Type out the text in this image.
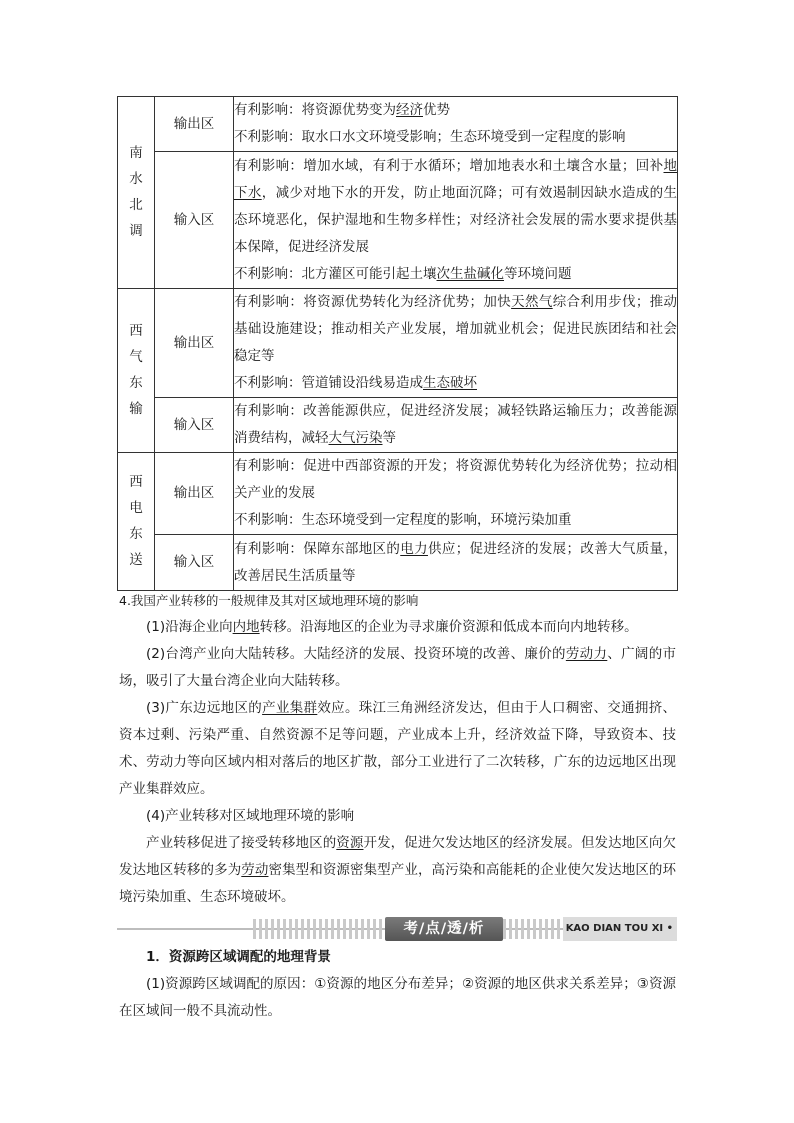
南水北调	输出区	有利影响：将资源优势变为经济优势

不利影响：取水口水文环境受影响；生态环境受到一定程度的影响

	输入区	有利影响：增加水域，有利于水循环；增加地表水和土壤含水量；回补地下水，减少对地下水的开发，防止地面沉降；可有效遏制因缺水造成的生态环境恶化，保护湿地和生物多样性；对经济社会发展的需水要求提供基本保障，促进经济发展

不利影响：北方灌区可能引起土壤次生盐碱化等环境问题

西气东输	输出区	有利影响：将资源优势转化为经济优势；加快天然气综合利用步伐；推动基础设施建设；推动相关产业发展，增加就业机会；促进民族团结和社会稳定等

不利影响：管道铺设沿线易造成生态破坏

	输入区	有利影响：改善能源供应，促进经济发展；减轻铁路运输压力；改善能源消费结构，减轻大气污染等

西电东送	输出区	有利影响：促进中西部资源的开发；将资源优势转化为经济优势；拉动相关产业的发展

不利影响：生态环境受到一定程度的影响，环境污染加重

	输入区	有利影响：保障东部地区的电力供应；促进经济的发展；改善大气质量，改善居民生活质量等

4.我国产业转移的一般规律及其对区域地理环境的影响

(1)沿海企业向内地转移。沿海地区的企业为寻求廉价资源和低成本而向内地转移。

(2)台湾产业向大陆转移。大陆经济的发展、投资环境的改善、廉价的劳动力、广阔的市场，吸引了大量台湾企业向大陆转移。

(3)广东边远地区的产业集群效应。珠江三角洲经济发达，但由于人口稠密、交通拥挤、资本过剩、污染严重、自然资源不足等问题，产业成本上升，经济效益下降，导致资本、技术、劳动力等向区域内相对落后的地区扩散，部分工业进行了二次转移，广东的边远地区出现产业集群效应。

(4)产业转移对区域地理环境的影响

产业转移促进了接受转移地区的资源开发，促进欠发达地区的经济发展。但发达地区向欠发达地区转移的多为劳动密集型和资源密集型产业，高污染和高能耗的企业使欠发达地区的环境污染加重、生态环境破坏。

考/点/透/析	KAO DIAN TOU XI •

1．资源跨区域调配的地理背景

(1)资源跨区域调配的原因：①资源的地区分布差异；②资源的地区供求关系差异；③资源在区域间一般不具流动性。
